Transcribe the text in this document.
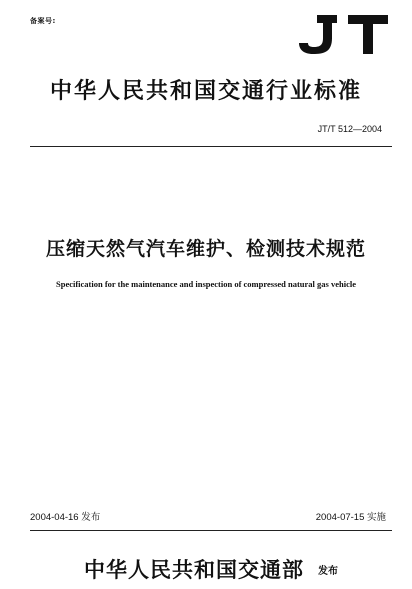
备案号:
中华人民共和国交通行业标准
JT/T 512—2004
压缩天然气汽车维护、检测技术规范
Specification for the maintenance and inspection of compressed natural gas vehicle
2004-04-16 发布	2004-07-15 实施
中华人民共和国交通部 发布
